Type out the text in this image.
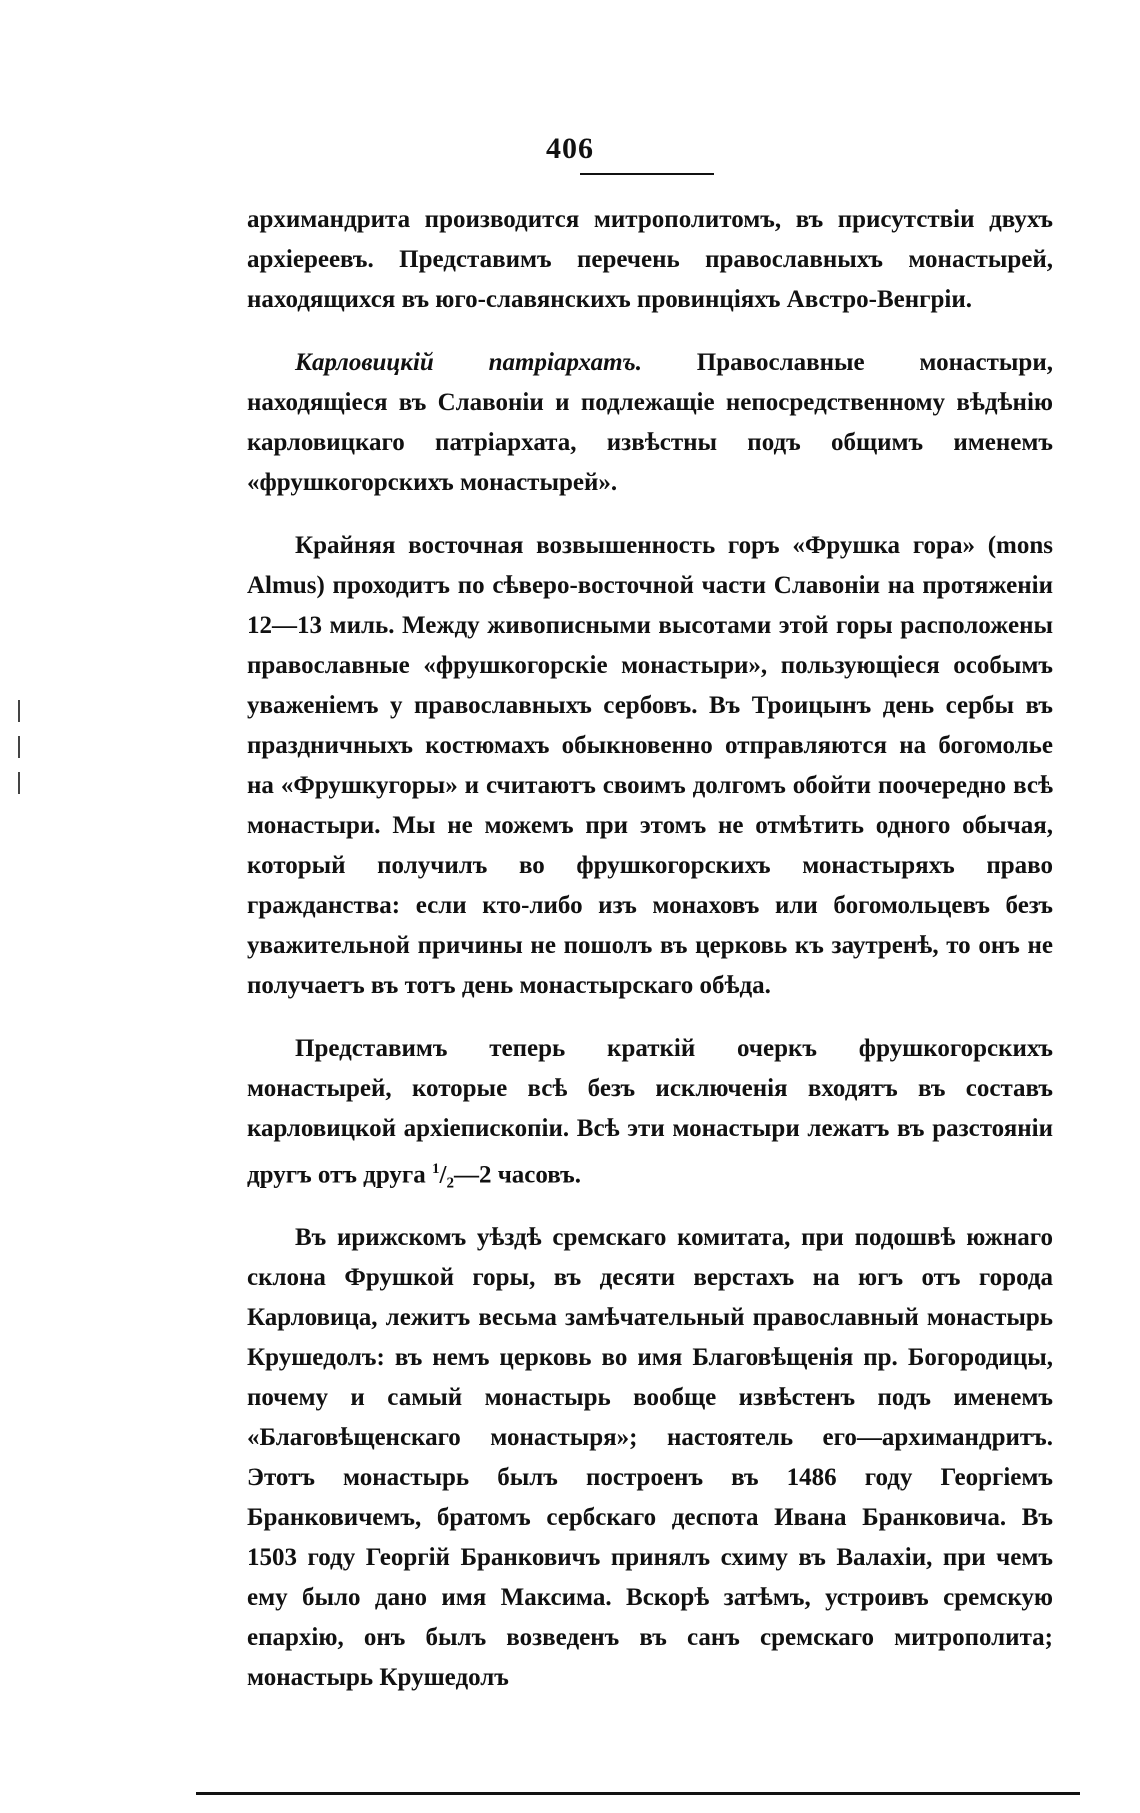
406

архимандрита производится митрополитомъ, въ присутствіи двухъ архіереевъ. Представимъ перечень православныхъ монастырей, находящихся въ юго-славянскихъ провинціяхъ Австро-Венгріи.

Карловицкій патріархатъ. Православные монастыри, находящіеся въ Славоніи и подлежащіе непосредственному вѣдѣнію карловицкаго патріархата, извѣстны подъ общимъ именемъ «фрушкогорскихъ монастырей».

Крайняя восточная возвышенность горъ «Фрушка гора» (mons Almus) проходитъ по сѣверо-восточной части Славоніи на протяженіи 12—13 миль. Между живописными высотами этой горы расположены православные «фрушкогорскіе монастыри», пользующіеся особымъ уваженіемъ у православныхъ сербовъ. Въ Троицынъ день сербы въ праздничныхъ костюмахъ обыкновенно отправляются на богомолье на «Фрушкугоры» и считаютъ своимъ долгомъ обойти поочередно всѣ монастыри. Мы не можемъ при этомъ не отмѣтить одного обычая, который получилъ во фрушкогорскихъ монастыряхъ право гражданства: если кто-либо изъ монаховъ или богомольцевъ безъ уважительной причины не пошолъ въ церковь къ заутренѣ, то онъ не получаетъ въ тотъ день монастырскаго обѣда.

Представимъ теперь краткій очеркъ фрушкогорскихъ монастырей, которые всѣ безъ исключенія входятъ въ составъ карловицкой архіепископіи. Всѣ эти монастыри лежатъ въ разстояніи другъ отъ друга $^1$/₂—2 часовъ.

Въ ирижскомъ уѣздѣ сремскаго комитата, при подошвѣ южнаго склона Фрушкой горы, въ десяти верстахъ на югъ отъ города Карловица, лежитъ весьма замѣчательный православный монастырь Крушедолъ: въ немъ церковь во имя Благовѣщенія пр. Богородицы, почему и самый монастырь вообще извѣстенъ подъ именемъ «Благовѣщенскаго монастыря»; настоятель его—архимандритъ. Этотъ монастырь былъ построенъ въ 1486 году Георгіемъ Бранковичемъ, братомъ сербскаго деспота Ивана Бранковича. Въ 1503 году Георгій Бранковичъ принялъ схиму въ Валахіи, при чемъ ему было дано имя Максима. Вскорѣ затѣмъ, устроивъ сремскую епархію, онъ былъ возведенъ въ санъ сремскаго митрополита; монастырь Крушедолъ
